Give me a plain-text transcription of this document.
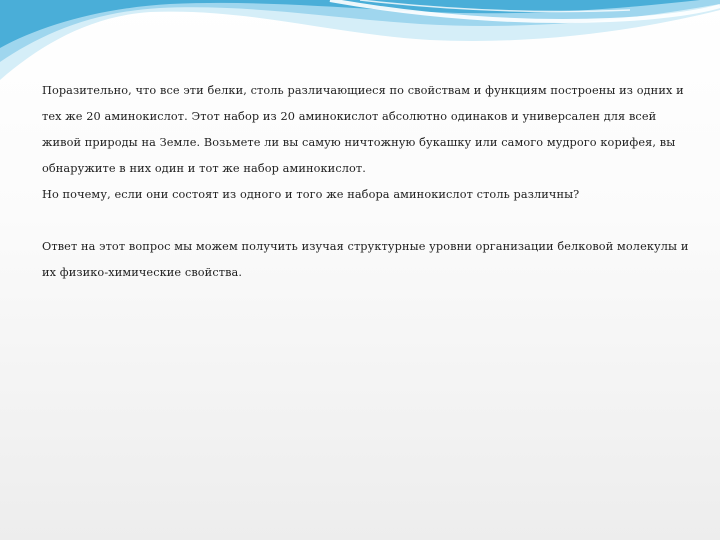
Поразительно, что все эти белки, столь различающиеся по свойствам и функциям построены из одних и

тех же 20 аминокислот. Этот набор из 20 аминокислот абсолютно одинаков и универсален для всей

живой природы на Земле. Возьмете ли вы самую ничтожную букашку или самого мудрого корифея, вы

обнаружите в них один и тот же набор аминокислот.

Но почему, если они состоят из одного и того же набора аминокислот столь различны?

Ответ на этот вопрос мы можем получить изучая структурные уровни организации белковой молекулы и

их физико-химические свойства.
